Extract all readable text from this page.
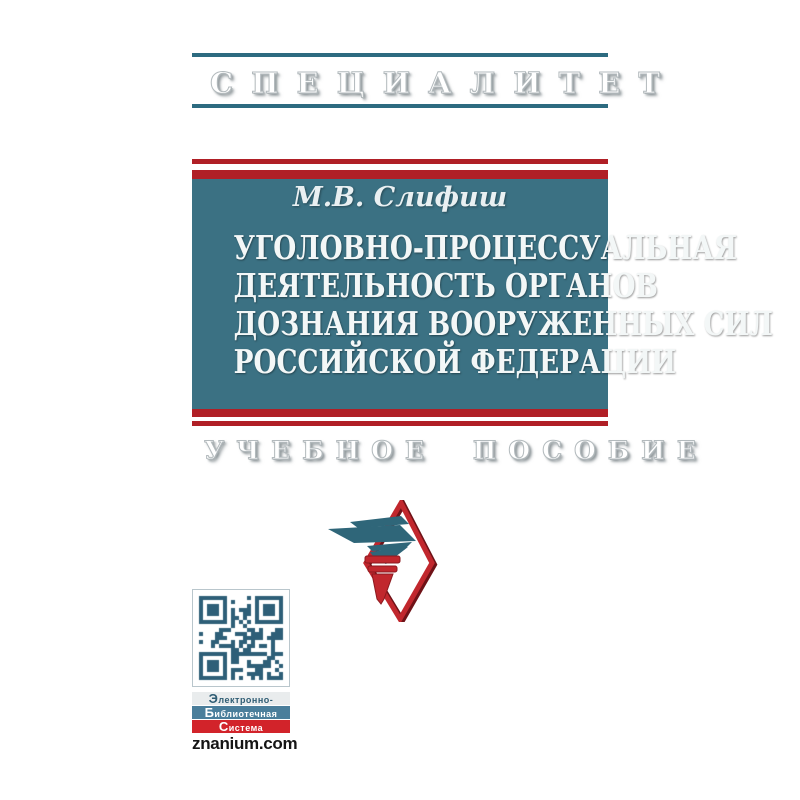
СПЕЦИАЛИТЕТ
М.В. Слифиш
УГОЛОВНО-ПРОЦЕССУАЛЬНАЯ
ДЕЯТЕЛЬНОСТЬ ОРГАНОВ
ДОЗНАНИЯ ВООРУЖЕННЫХ СИЛ
РОССИЙСКОЙ ФЕДЕРАЦИИ
УЧЕБНОЕ ПОСОБИЕ
Электронно-
Библиотечная
Система
znanium.com
